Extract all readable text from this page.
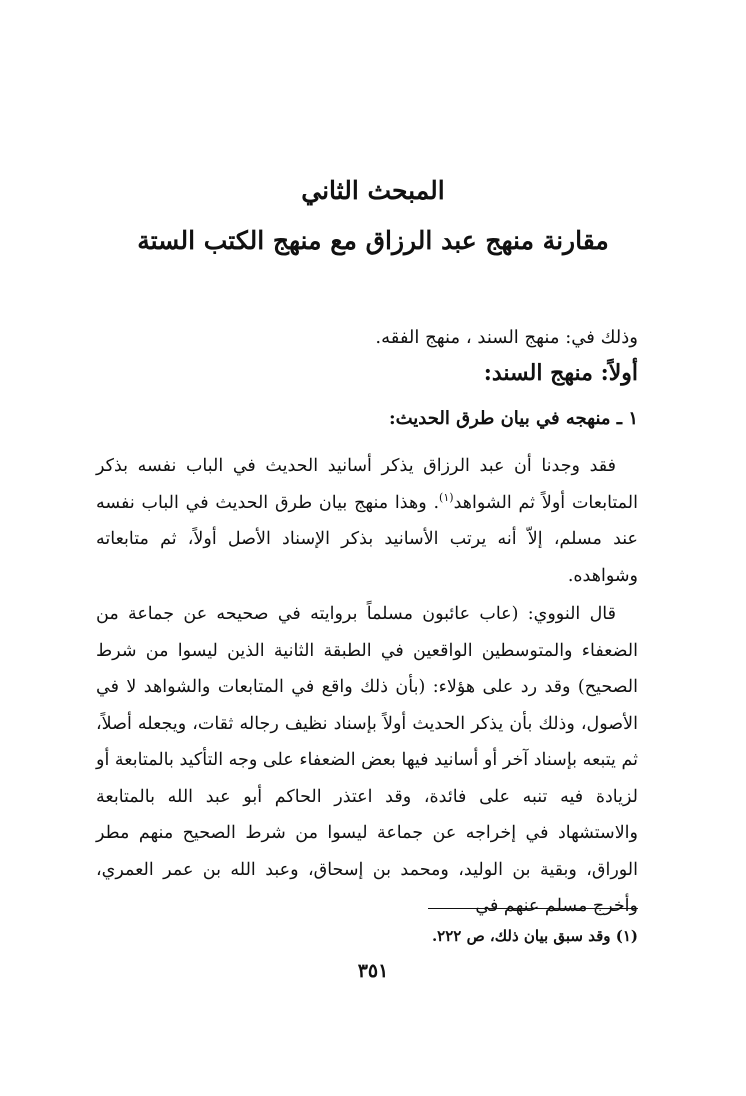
المبحث الثاني
مقارنة منهج عبد الرزاق مع منهج الكتب الستة
وذلك في: منهج السند ، منهج الفقه.
أولاً: منهج السند:
١ ـ منهجه في بيان طرق الحديث:
فقد وجدنا أن عبد الرزاق يذكر أسانيد الحديث في الباب نفسه بذكر المتابعات أولاً ثم الشواهد$^{(١)}$. وهذا منهج بيان طرق الحديث في الباب نفسه عند مسلم، إلاّ أنه يرتب الأسانيد بذكر الإسناد الأصل أولاً، ثم متابعاته وشواهده.
قال النووي: (عاب عائبون مسلماً بروايته في صحيحه عن جماعة من الضعفاء والمتوسطين الواقعين في الطبقة الثانية الذين ليسوا من شرط الصحيح) وقد رد على هؤلاء: (بأن ذلك واقع في المتابعات والشواهد لا في الأصول، وذلك بأن يذكر الحديث أولاً بإسناد نظيف رجاله ثقات، ويجعله أصلاً، ثم يتبعه بإسناد آخر أو أسانيد فيها بعض الضعفاء على وجه التأكيد بالمتابعة أو لزيادة فيه تنبه على فائدة، وقد اعتذر الحاكم أبو عبد الله بالمتابعة والاستشهاد في إخراجه عن جماعة ليسوا من شرط الصحيح منهم مطر الوراق، وبقية بن الوليد، ومحمد بن إسحاق، وعبد الله بن عمر العمري، وأخرج مسلم عنهم في
(١) وقد سبق بيان ذلك، ص ٢٢٢.
٣٥١
